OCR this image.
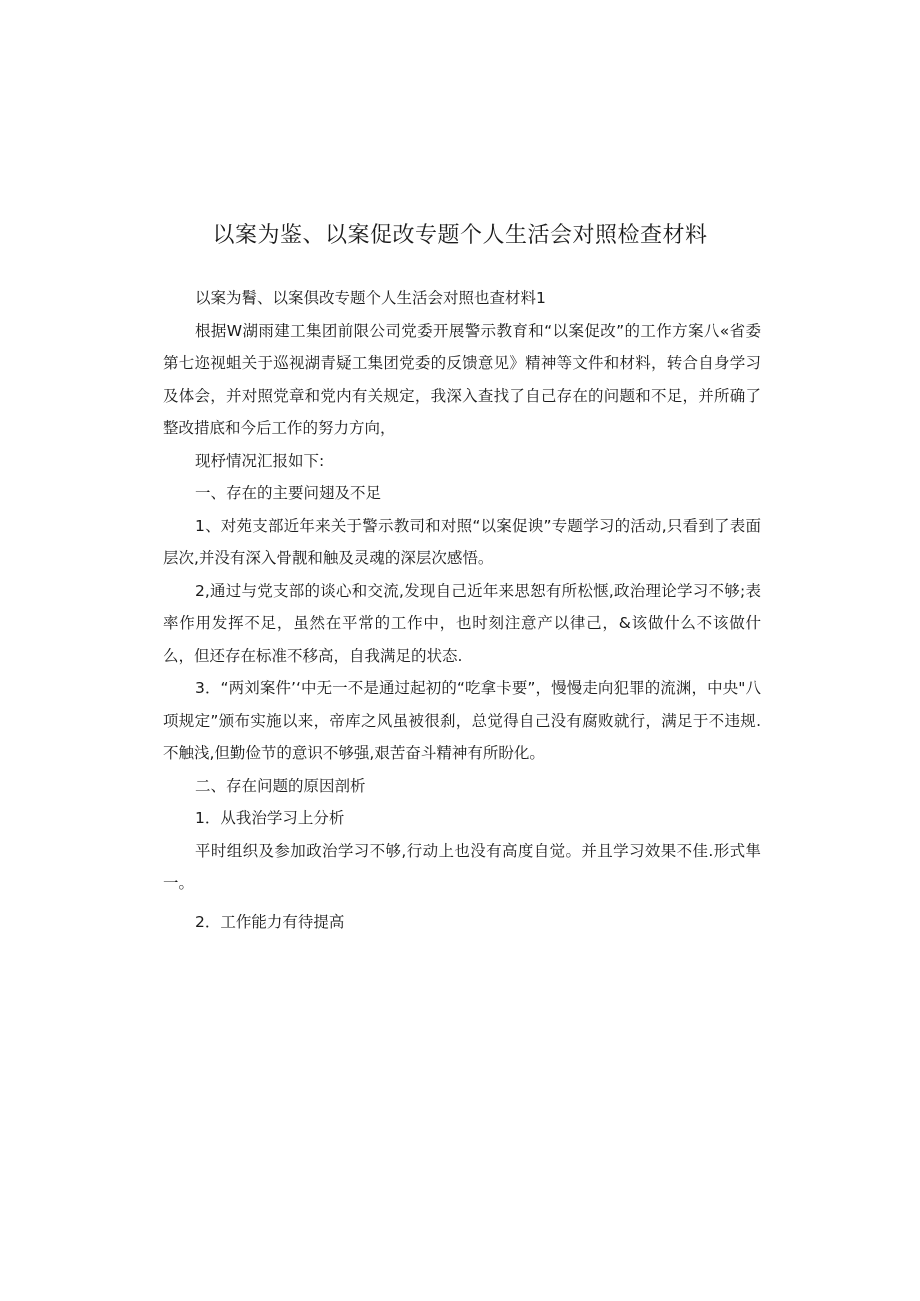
以案为鉴、以案促改专题个人生活会对照检查材料

以案为鬌、以案倶改专题个人生活会对照也查材料1

根据W湖雨建工集团前限公司党委开展警示教育和“以案促改”的工作方案八«省委第七迩视蛆关于巡视湖青疑工集团党委的反馈意见》精神等文件和材料，转合自身学习及体会，并对照党章和党内有关规定，我深入查找了自己存在的问题和不足，并所确了整改措底和今后工作的努力方向，

现杼情况汇报如下:

一、存在的主要问翅及不足

1、对苑支部近年来关于警示教司和对照“以案促谀”专题学习的活动,只看到了表面层次,并没有深入骨靓和触及灵魂的深层次感悟。

2,通过与党支部的谈心和交流,发现自己近年来思恕有所松惬,政治理论学习不够;表率作用发挥不足，虽然在平常的工作中，也时刻注意产以律己，&该做什么不该做什么，但还存在标准不移高，自我满足的状态.

3．“两刘案件’‘中无一不是通过起初的“吃拿卡要”，慢慢走向犯罪的流渊，中央"八项规定”颁布实施以来，帝库之风虽被很刹，总觉得自己没有腐败就行，满足于不违规.不触浅,但勤俭节的意识不够强,艰苦奋斗精神有所盼化。

二、存在问题的原因剖析

1．从我治学习上分析

平时组织及参加政治学习不够,行动上也没有高度自觉。并且学习效果不佳.形式隼一。

2．工作能力有待提高
